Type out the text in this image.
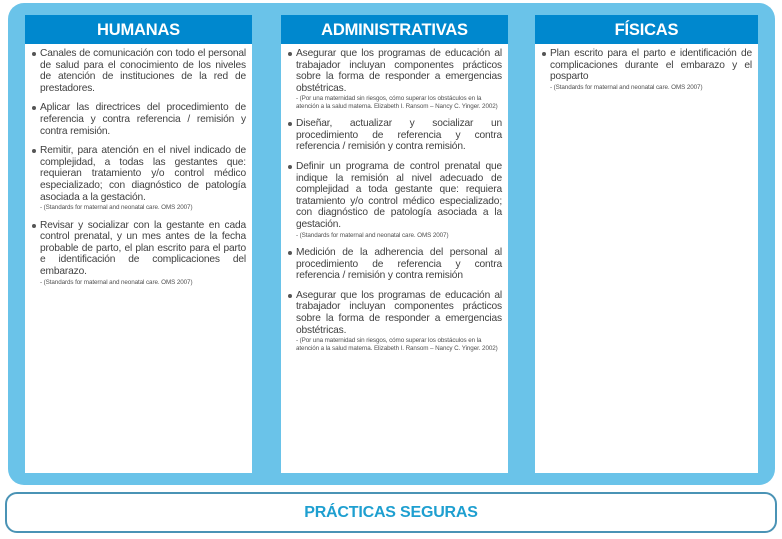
HUMANAS
Canales de comunicación con todo el personal de salud para el conocimiento de los niveles de atención de instituciones de la red de prestadores.
Aplicar las directrices del procedimiento de referencia y contra referencia / remisión y contra remisión.
Remitir, para atención en el nivel indicado de complejidad, a todas las gestantes que: requieran tratamiento y/o control médico especializado; con diagnóstico de patología asociada a la gestación.
- (Standards for maternal and neonatal care. OMS 2007)
Revisar y socializar con la gestante en cada control prenatal, y un mes antes de la fecha probable de parto, el plan escrito para el parto e identificación de complicaciones del embarazo.
- (Standards for maternal and neonatal care. OMS 2007)
ADMINISTRATIVAS
Asegurar que los programas de educación al trabajador incluyan componentes prácticos sobre la forma de responder a emergencias obstétricas.
- (Por una maternidad sin riesgos, cómo superar los obstáculos en la atención a la salud materna. Elizabeth I. Ransom – Nancy C. Yinger. 2002)
Diseñar, actualizar y socializar un procedimiento de referencia y contra referencia / remisión y contra remisión.
Definir un programa de control prenatal que indique la remisión al nivel adecuado de complejidad a toda gestante que: requiera tratamiento y/o control médico especializado; con diagnóstico de patología asociada a la gestación.
- (Standards for maternal and neonatal care. OMS 2007)
Medición de la adherencia del personal al procedimiento de referencia y contra referencia / remisión y contra remisión
Asegurar que los programas de educación al trabajador incluyan componentes prácticos sobre la forma de responder a emergencias obstétricas.
- (Por una maternidad sin riesgos, cómo superar los obstáculos en la atención a la salud materna. Elizabeth I. Ransom – Nancy C. Yinger. 2002)
FÍSICAS
Plan escrito para el parto e identificación de complicaciones durante el embarazo y el posparto
- (Standards for maternal and neonatal care. OMS 2007)
PRÁCTICAS SEGURAS
